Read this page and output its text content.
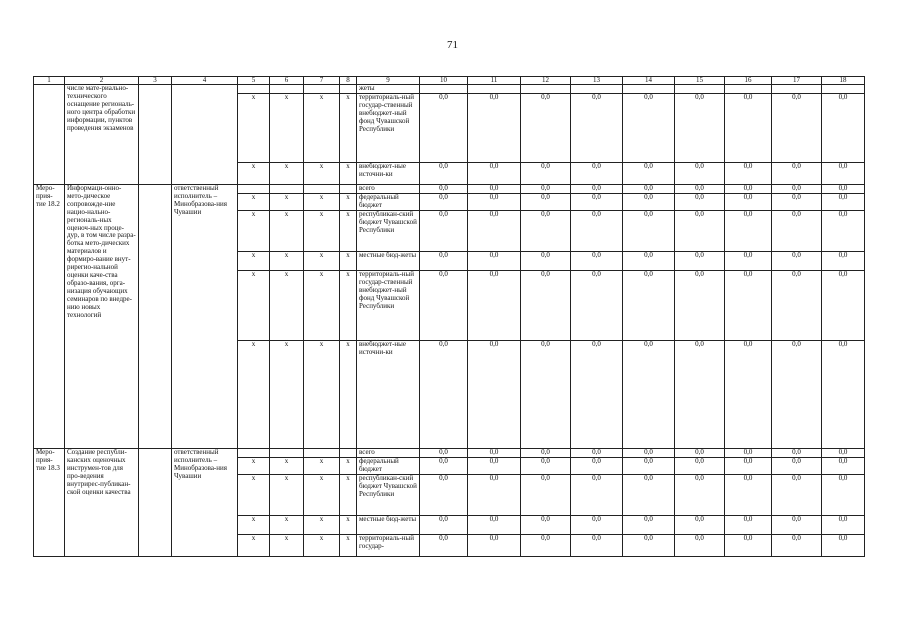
71
1	2	3	4	5	6	7	8	9	10	11	12	13	14	15	16	17	18
	числе мате-риально-технического оснащение региональ-ного центра обработки информации, пунктов проведения экзаменов							жеты									
				х	х	х	х	территориаль-ный государ-ственный внебюджет-ный фонд Чувашской Республики	0,0	0,0	0,0	0,0	0,0	0,0	0,0	0,0	0,0
				х	х	х	х	внебюджет-ные источни-ки	0,0	0,0	0,0	0,0	0,0	0,0	0,0	0,0	0,0
Меро-прия-тие 18.2	Информаци-онно-мето-дическое сопровожде-ние нацио-нально-региональ-ных оценоч-ных проце-дур, в том числе разра-ботка мето-дических материалов и формиро-вание внут-рирегио-нальной оценки каче-ства образо-вания, орга-низация обучающих семинаров по внедре-нию новых технологий		ответственный исполнитель – Минобразова-ния Чувашии					всего	0,0	0,0	0,0	0,0	0,0	0,0	0,0	0,0	0,0
				х	х	х	х	федеральный бюджет	0,0	0,0	0,0	0,0	0,0	0,0	0,0	0,0	0,0
				х	х	х	х	республикан-ский бюджет Чувашской Республики	0,0	0,0	0,0	0,0	0,0	0,0	0,0	0,0	0,0
				х	х	х	х	местные бюд-жеты	0,0	0,0	0,0	0,0	0,0	0,0	0,0	0,0	0,0
				х	х	х	х	территориаль-ный государ-ственный внебюджет-ный фонд Чувашской Республики	0,0	0,0	0,0	0,0	0,0	0,0	0,0	0,0	0,0
				х	х	х	х	внебюджет-ные источни-ки	0,0	0,0	0,0	0,0	0,0	0,0	0,0	0,0	0,0
Меро-прия-тие 18.3	Создание республи-канских оценочных инструмен-тов для про-ведения внутрирес-публикан-ской оценки качества		ответственный исполнитель – Минобразова-ния Чувашии					всего	0,0	0,0	0,0	0,0	0,0	0,0	0,0	0,0	0,0
				х	х	х	х	федеральный бюджет	0,0	0,0	0,0	0,0	0,0	0,0	0,0	0,0	0,0
				х	х	х	х	республикан-ский бюджет Чувашской Республики	0,0	0,0	0,0	0,0	0,0	0,0	0,0	0,0	0,0
				х	х	х	х	местные бюд-жеты	0,0	0,0	0,0	0,0	0,0	0,0	0,0	0,0	0,0
				х	х	х	х	территориаль-ный государ-	0,0	0,0	0,0	0,0	0,0	0,0	0,0	0,0	0,0
